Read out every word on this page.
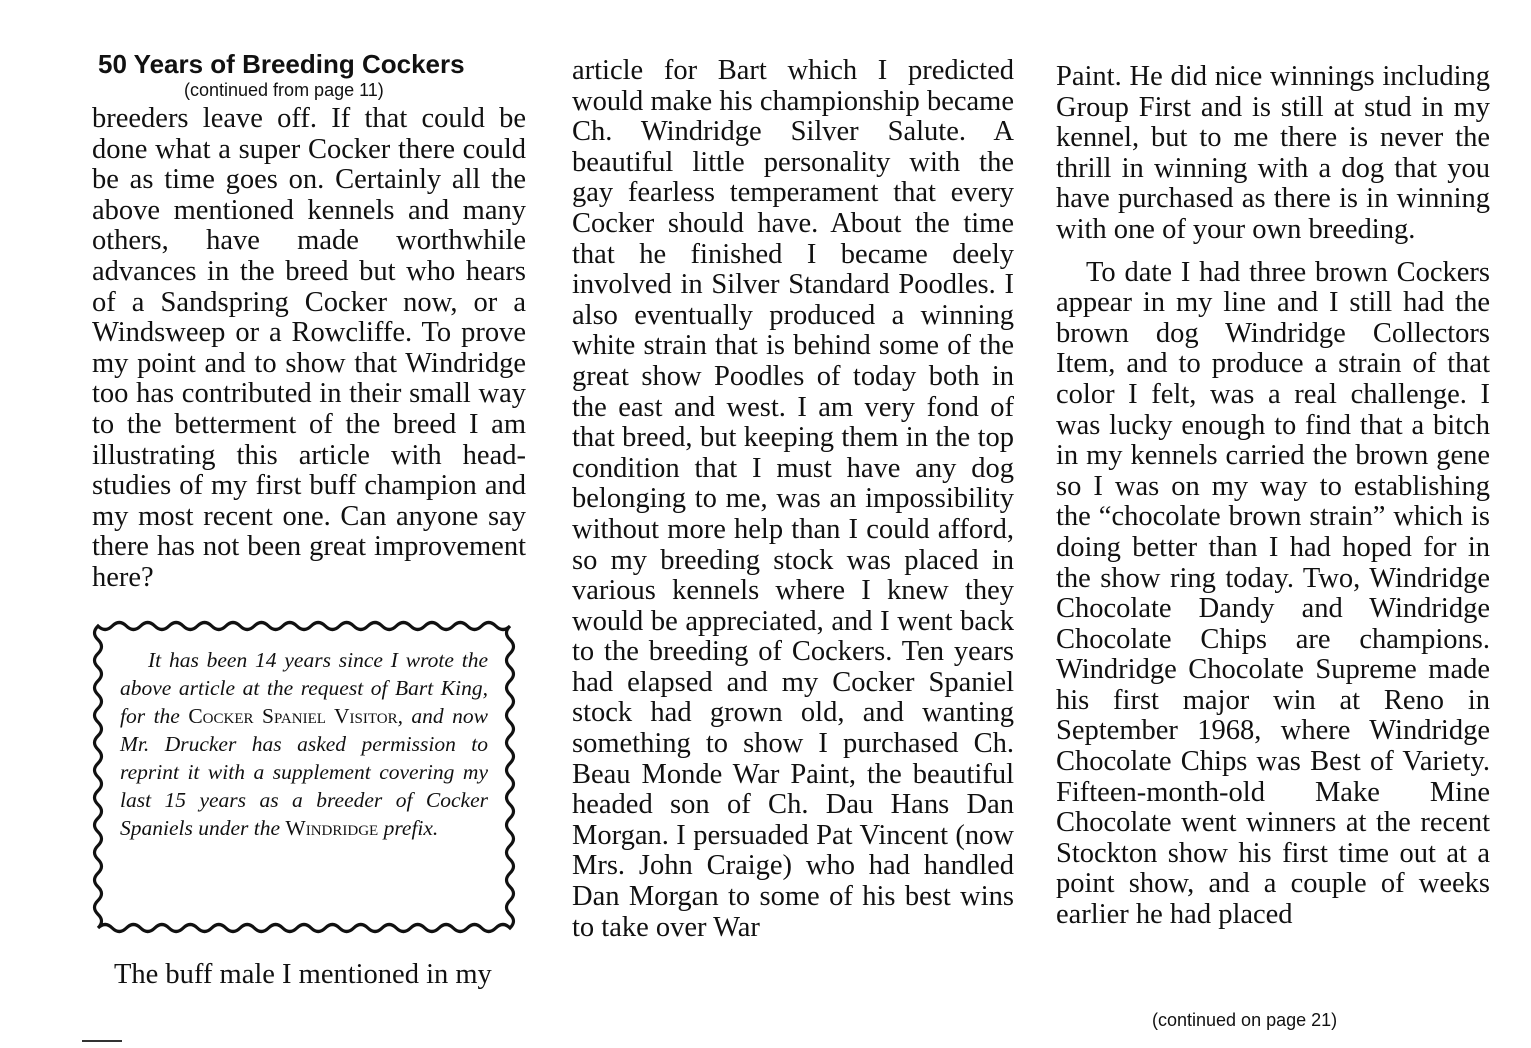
50 Years of Breeding Cockers
(continued from page 11)

breeders leave off. If that could be done what a super Cocker there could be as time goes on. Certainly all the above mentioned kennels and many others, have made worthwhile advances in the breed but who hears of a Sandspring Cocker now, or a Windsweep or a Rowcliffe. To prove my point and to show that Windridge too has contributed in their small way to the betterment of the breed I am illustrating this article with headstudies of my first buff champion and my most recent one. Can anyone say there has not been great improvement here?

It has been 14 years since I wrote the above article at the request of Bart King, for the Cocker Spaniel Visitor, and now Mr. Drucker has asked permission to reprint it with a supplement covering my last 15 years as a breeder of Cocker Spaniels under the Windridge prefix.

The buff male I mentioned in my

article for Bart which I predicted would make his championship became Ch. Windridge Silver Salute. A beautiful little personality with the gay fearless temperament that every Cocker should have. About the time that he finished I became deely involved in Silver Standard Poodles. I also eventually produced a winning white strain that is behind some of the great show Poodles of today both in the east and west. I am very fond of that breed, but keeping them in the top condition that I must have any dog belonging to me, was an impossibility without more help than I could afford, so my breeding stock was placed in various kennels where I knew they would be appreciated, and I went back to the breeding of Cockers. Ten years had elapsed and my Cocker Spaniel stock had grown old, and wanting something to show I purchased Ch. Beau Monde War Paint, the beautiful headed son of Ch. Dau Hans Dan Morgan. I persuaded Pat Vincent (now Mrs. John Craige) who had handled Dan Morgan to some of his best wins to take over War

Paint. He did nice winnings including Group First and is still at stud in my kennel, but to me there is never the thrill in winning with a dog that you have purchased as there is in winning with one of your own breeding.

To date I had three brown Cockers appear in my line and I still had the brown dog Windridge Collectors Item, and to produce a strain of that color I felt, was a real challenge. I was lucky enough to find that a bitch in my kennels carried the brown gene so I was on my way to establishing the “chocolate brown strain” which is doing better than I had hoped for in the show ring today. Two, Windridge Chocolate Dandy and Windridge Chocolate Chips are champions. Windridge Chocolate Supreme made his first major win at Reno in September 1968, where Windridge Chocolate Chips was Best of Variety. Fifteen-month-old Make Mine Chocolate went winners at the recent Stockton show his first time out at a point show, and a couple of weeks earlier he had placed

(continued on page 21)
